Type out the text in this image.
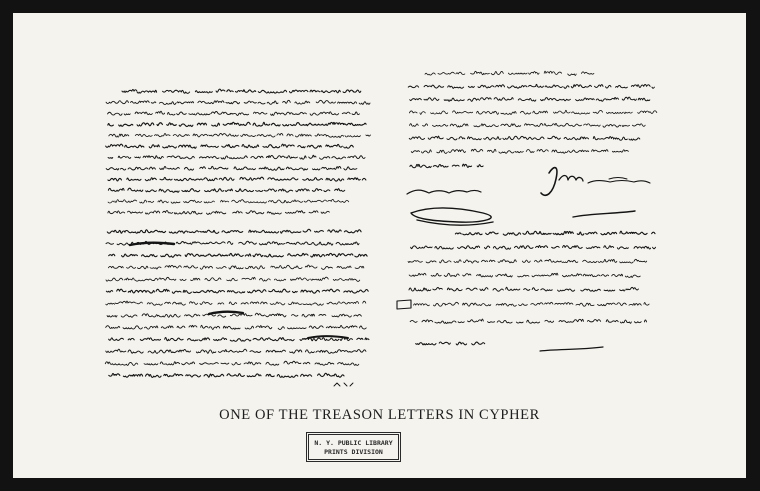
ONE OF THE TREASON LETTERS IN CYPHER
N. Y. PUBLIC LIBRARY
PRINTS DIVISION
